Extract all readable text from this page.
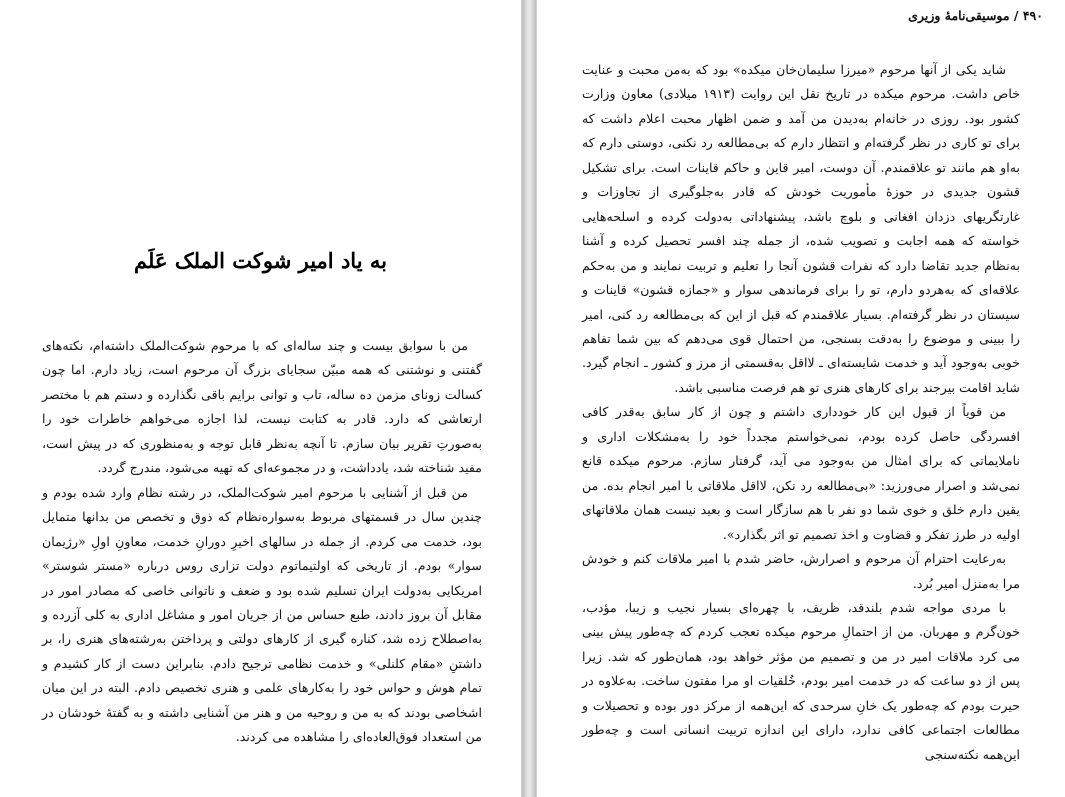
به یاد امیر شوکت الملک عَلَم

من با سوابق بیست و چند ساله‌ای که با مرحوم شوکت‌الملک داشته‌ام، نکته‌های گفتنی و نوشتنی که همه مبیّن سجایای بزرگ آن مرحوم است، زیاد دارم. اما چون کسالت زونای مزمن ده ساله، تاب و توانی برایم باقی نگذارده و دستم هم با مختصر ارتعاشی که دارد. قادر به کتابت نیست، لذا اجازه می‌خواهم خاطرات خود را به‌صورتِ تقریر بیان سازم. تا آنچه به‌نظر قابل توجه و به‌منظوری که در پیش است، مفید شناخته شد، یادداشت، و در مجموعه‌ای که تهیه می‌شود، مندرج گردد.

من قبل از آشنایی با مرحوم امیر شوکت‌الملک، در رشته نظام وارد شده بودم و چندین سال در قسمتهای مربوط به‌سواره‌نظام که ذوق و تخصص من بدانها متمایل بود، خدمت می کردم. از جمله در سالهای اخیرِ دورانِ خدمت، معاونِ اولِ «رژیمان سوار» بودم. از تاریخی که اولتیماتوم دولت تزاری روس درباره «مستر شوستر» امریکایی به‌دولت ایران تسلیم شده بود و ضعف و ناتوانی خاصی که مصادر امور در مقابل آن بروز دادند، طبع حساس من از جریان امور و مشاغل اداری به کلی آزرده و به‌اصطلاح زده شد، کناره گیری از کارهای دولتی و پرداختن به‌رشته‌های هنری را، بر داشتنِ «مقام کلنلی» و خدمت نظامی ترجیح دادم. بنابراین دست از کار کشیدم و تمام هوش و حواس خود را به‌کارهای علمی و هنری تخصیص دادم. البته در این میان اشخاصی بودند که به من و روحیه من و هنر من آشنایی داشته و به گفتهٔ خودشان در من استعداد فوق‌العاده‌ای را مشاهده می کردند.

۴۹۰ / موسیقی‌نامهٔ وزیری

شاید یکی از آنها مرحوم «میرزا سلیمان‌خان میکده» بود که به‌من محبت و عنایت خاص داشت. مرحوم میکده در تاریخ نقل این روایت (۱۹۱۳ میلادی) معاون وزارت کشور بود. روزی در خانه‌ام به‌دیدن من آمد و ضمن اظهار محبت اعلام داشت که برای تو کاری در نظر گرفته‌ام و انتظار دارم که بی‌مطالعه رد نکنی، دوستی دارم که به‌او هم مانند تو علاقمندم. آن دوست، امیر قاین و حاکم قاینات است. برای تشکیل قشون جدیدی در حوزهٔ مأموریت خودش که قادر به‌جلوگیری از تجاوزات و غارتگریهای دزدان افغانی و بلوچ باشد، پیشنهاداتی به‌دولت کرده و اسلحه‌هایی خواسته که همه اجابت و تصویب شده، از جمله چند افسر تحصیل کرده و آشنا به‌نظام جدید تقاضا دارد که نفرات قشون آنجا را تعلیم و تربیت نمایند و من به‌حکم علاقه‌ای که به‌هردو دارم، تو را برای فرماندهی سوار و «جمازه قشون» قاینات و سیستان در نظر گرفته‌ام. بسیار علاقمندم که قبل از این که بی‌مطالعه رد کنی، امیر را ببینی و موضوع را به‌دقت بسنجی، من احتمال قوی می‌دهم که بین شما تفاهم خوبی به‌وجود آید و خدمت شایسته‌ای ـ لااقل به‌قسمتی از مرز و کشور ـ انجام گیرد. شاید اقامت بیرجند برای کارهای هنری تو هم فرصت مناسبی باشد.

من قویاً از قبول این کار خودداری داشتم و چون از کار سابق به‌قدر کافی افسردگی حاصل کرده بودم، نمی‌خواستم مجدداً خود را به‌مشکلات اداری و ناملایماتی که برای امثال من به‌وجود می آید، گرفتار سازم. مرحوم میکده قانع نمی‌شد و اصرار می‌ورزید: «بی‌مطالعه رد نکن، لااقل ملاقاتی با امیر انجام بده. من یقین دارم خلق و خوی شما دو نفر با هم سازگار است و بعید نیست همان ملاقاتهای اولیه در طرز تفکر و قضاوت و اخذ تصمیم تو اثر بگذارد».

به‌رعایت احترام آن مرحوم و اصرارش، حاضر شدم با امیر ملاقات کنم و خودش مرا به‌منزل امیر بُرد.

با مردی مواجه شدم بلندقد، ظریف، با چهره‌ای بسیار نجیب و زیبا، مؤدب، خون‌گرم و مهربان. من از احتمالِ مرحوم میکده تعجب کردم که چه‌طور پیش بینی می کرد ملاقات امیر در من و تصمیم من مؤثر خواهد بود، همان‌طور که شد. زیرا پس از دو ساعت که در خدمت امیر بودم، خُلقیات او مرا مفتون ساخت. به‌علاوه در حیرت بودم که چه‌طور یک خانِ سرحدی که این‌همه از مرکز دور بوده و تحصیلات و مطالعات اجتماعی کافی ندارد، دارای این اندازه تربیت انسانی است و چه‌طور این‌همه نکته‌سنجی
